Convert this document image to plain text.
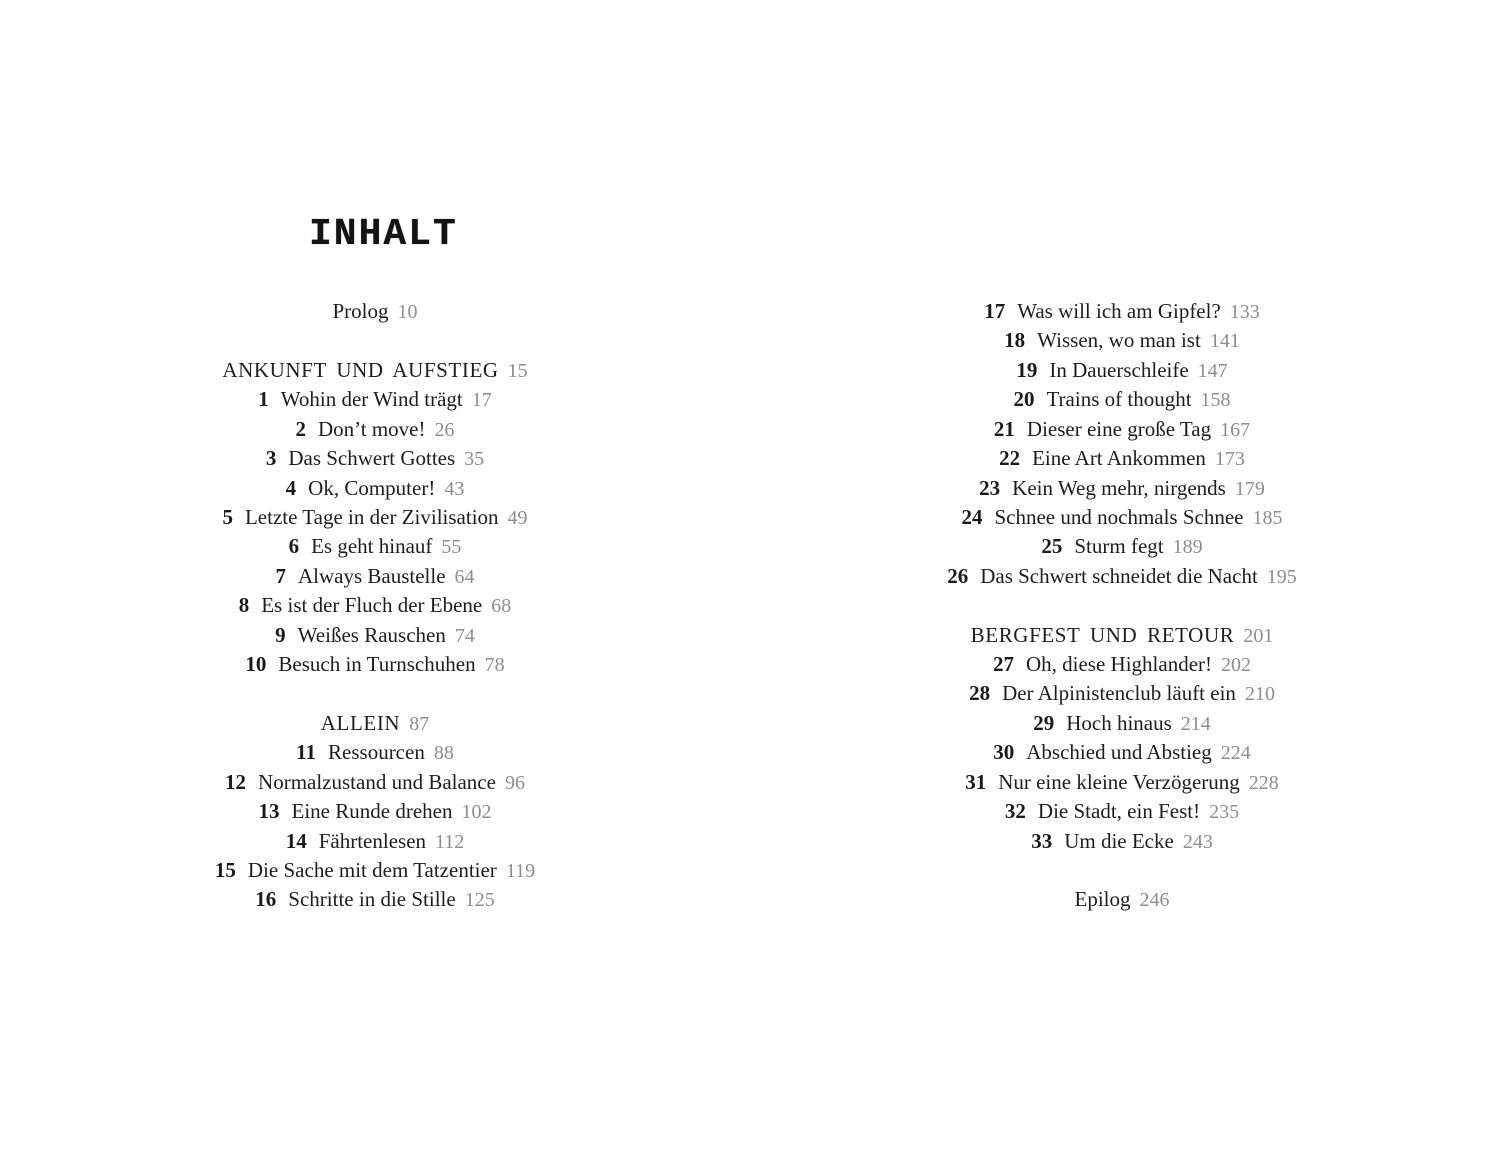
INHALT
Prolog 10
ANKUNFT UND AUFSTIEG 15
1 Wohin der Wind trägt 17
2 Don’t move! 26
3 Das Schwert Gottes 35
4 Ok, Computer! 43
5 Letzte Tage in der Zivilisation 49
6 Es geht hinauf 55
7 Always Baustelle 64
8 Es ist der Fluch der Ebene 68
9 Weißes Rauschen 74
10 Besuch in Turnschuhen 78
ALLEIN 87
11 Ressourcen 88
12 Normalzustand und Balance 96
13 Eine Runde drehen 102
14 Fährtenlesen 112
15 Die Sache mit dem Tatzentier 119
16 Schritte in die Stille 125
17 Was will ich am Gipfel? 133
18 Wissen, wo man ist 141
19 In Dauerschleife 147
20 Trains of thought 158
21 Dieser eine große Tag 167
22 Eine Art Ankommen 173
23 Kein Weg mehr, nirgends 179
24 Schnee und nochmals Schnee 185
25 Sturm fegt 189
26 Das Schwert schneidet die Nacht 195
BERGFEST UND RETOUR 201
27 Oh, diese Highlander! 202
28 Der Alpinistenclub läuft ein 210
29 Hoch hinaus 214
30 Abschied und Abstieg 224
31 Nur eine kleine Verzögerung 228
32 Die Stadt, ein Fest! 235
33 Um die Ecke 243
Epilog 246
